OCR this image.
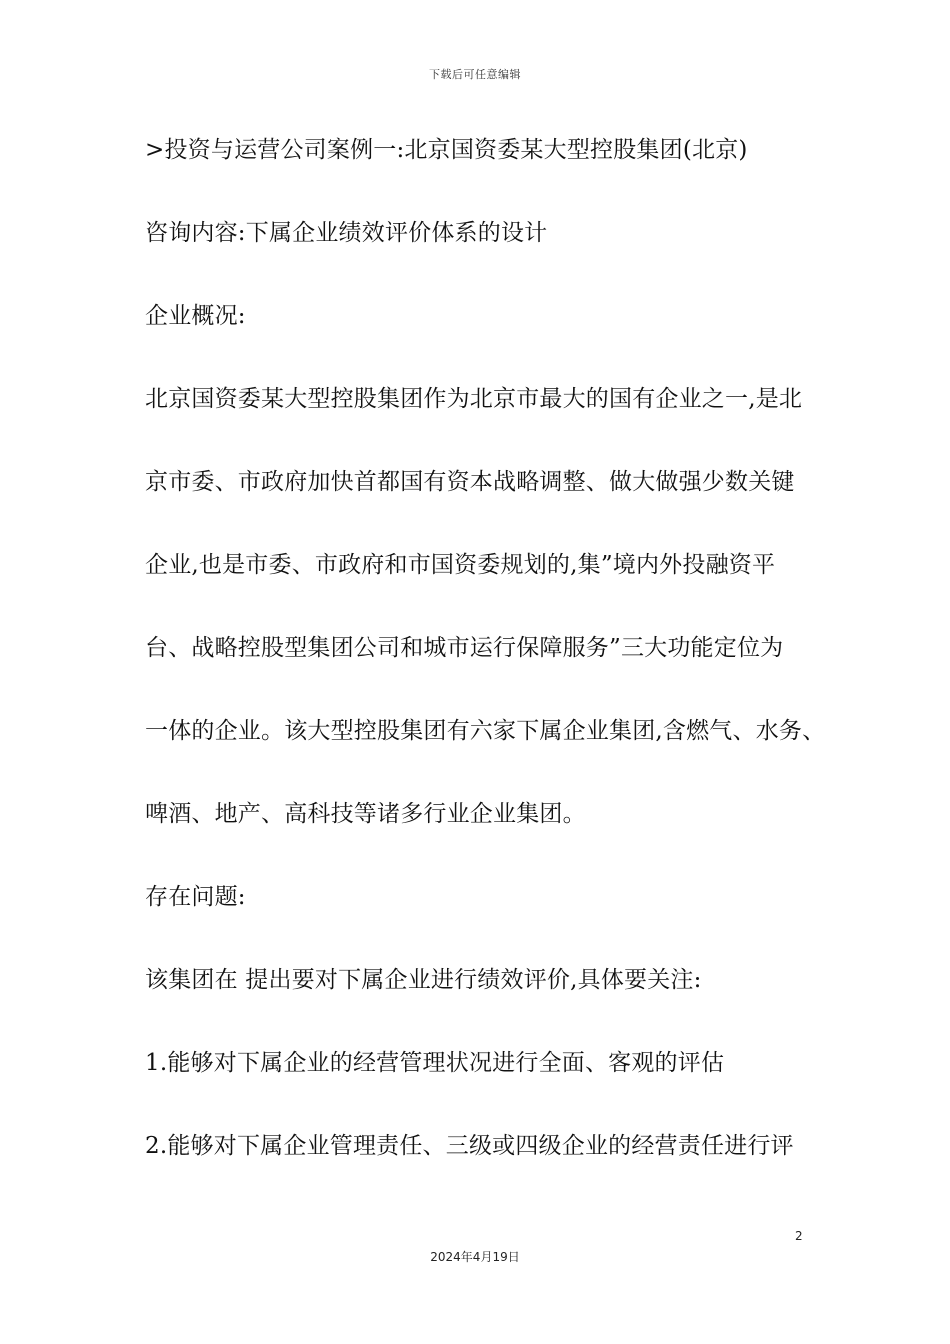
下载后可任意编辑
>投资与运营公司案例一:北京国资委某大型控股集团(北京)
咨询内容:下属企业绩效评价体系的设计
企业概况:
北京国资委某大型控股集团作为北京市最大的国有企业之一,是北
京市委、市政府加快首都国有资本战略调整、做大做强少数关键
企业,也是市委、市政府和市国资委规划的,集”境内外投融资平
台、战略控股型集团公司和城市运行保障服务”三大功能定位为
一体的企业。该大型控股集团有六家下属企业集团,含燃气、水务、
啤酒、地产、高科技等诸多行业企业集团。
存在问题:
该集团在 提出要对下属企业进行绩效评价,具体要关注:
1.能够对下属企业的经营管理状况进行全面、客观的评估
2.能够对下属企业管理责任、三级或四级企业的经营责任进行评
2
2024年4月19日
